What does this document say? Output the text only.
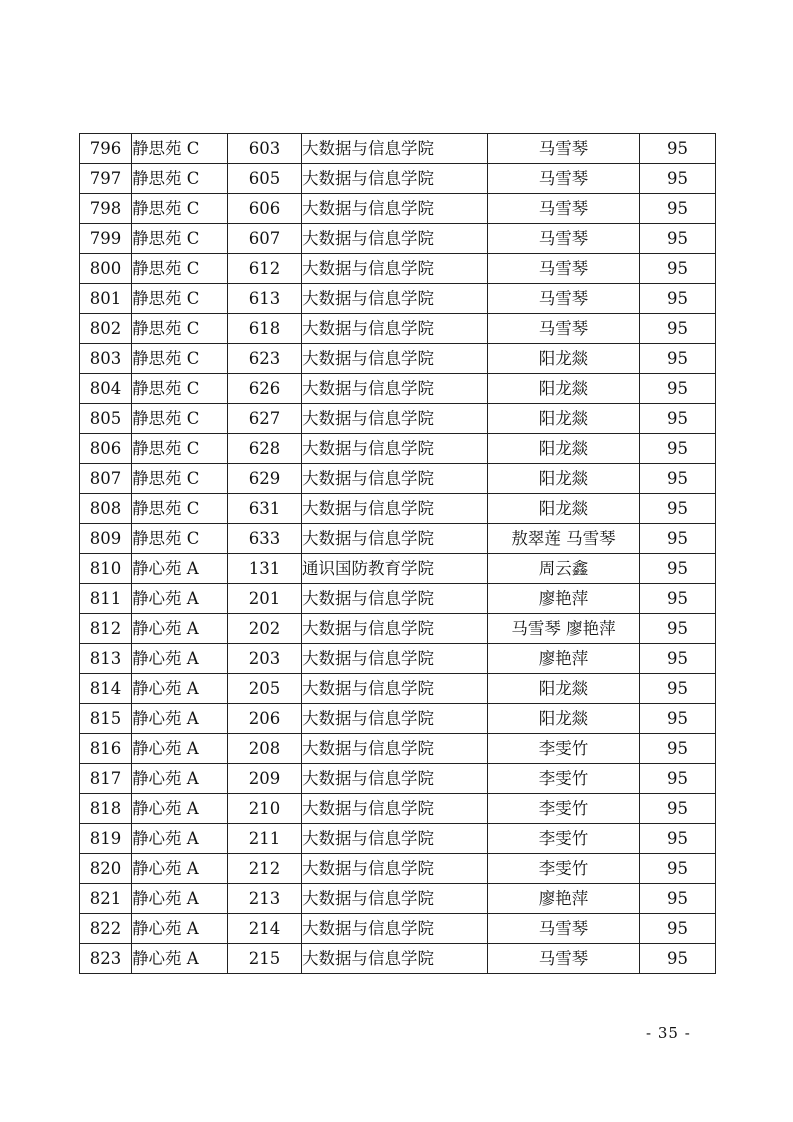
796	静思苑 C	603	大数据与信息学院	马雪琴	95
797	静思苑 C	605	大数据与信息学院	马雪琴	95
798	静思苑 C	606	大数据与信息学院	马雪琴	95
799	静思苑 C	607	大数据与信息学院	马雪琴	95
800	静思苑 C	612	大数据与信息学院	马雪琴	95
801	静思苑 C	613	大数据与信息学院	马雪琴	95
802	静思苑 C	618	大数据与信息学院	马雪琴	95
803	静思苑 C	623	大数据与信息学院	阳龙燚	95
804	静思苑 C	626	大数据与信息学院	阳龙燚	95
805	静思苑 C	627	大数据与信息学院	阳龙燚	95
806	静思苑 C	628	大数据与信息学院	阳龙燚	95
807	静思苑 C	629	大数据与信息学院	阳龙燚	95
808	静思苑 C	631	大数据与信息学院	阳龙燚	95
809	静思苑 C	633	大数据与信息学院	敖翠莲 马雪琴	95
810	静心苑 A	131	通识国防教育学院	周云鑫	95
811	静心苑 A	201	大数据与信息学院	廖艳萍	95
812	静心苑 A	202	大数据与信息学院	马雪琴 廖艳萍	95
813	静心苑 A	203	大数据与信息学院	廖艳萍	95
814	静心苑 A	205	大数据与信息学院	阳龙燚	95
815	静心苑 A	206	大数据与信息学院	阳龙燚	95
816	静心苑 A	208	大数据与信息学院	李雯竹	95
817	静心苑 A	209	大数据与信息学院	李雯竹	95
818	静心苑 A	210	大数据与信息学院	李雯竹	95
819	静心苑 A	211	大数据与信息学院	李雯竹	95
820	静心苑 A	212	大数据与信息学院	李雯竹	95
821	静心苑 A	213	大数据与信息学院	廖艳萍	95
822	静心苑 A	214	大数据与信息学院	马雪琴	95
823	静心苑 A	215	大数据与信息学院	马雪琴	95
- 35 -
